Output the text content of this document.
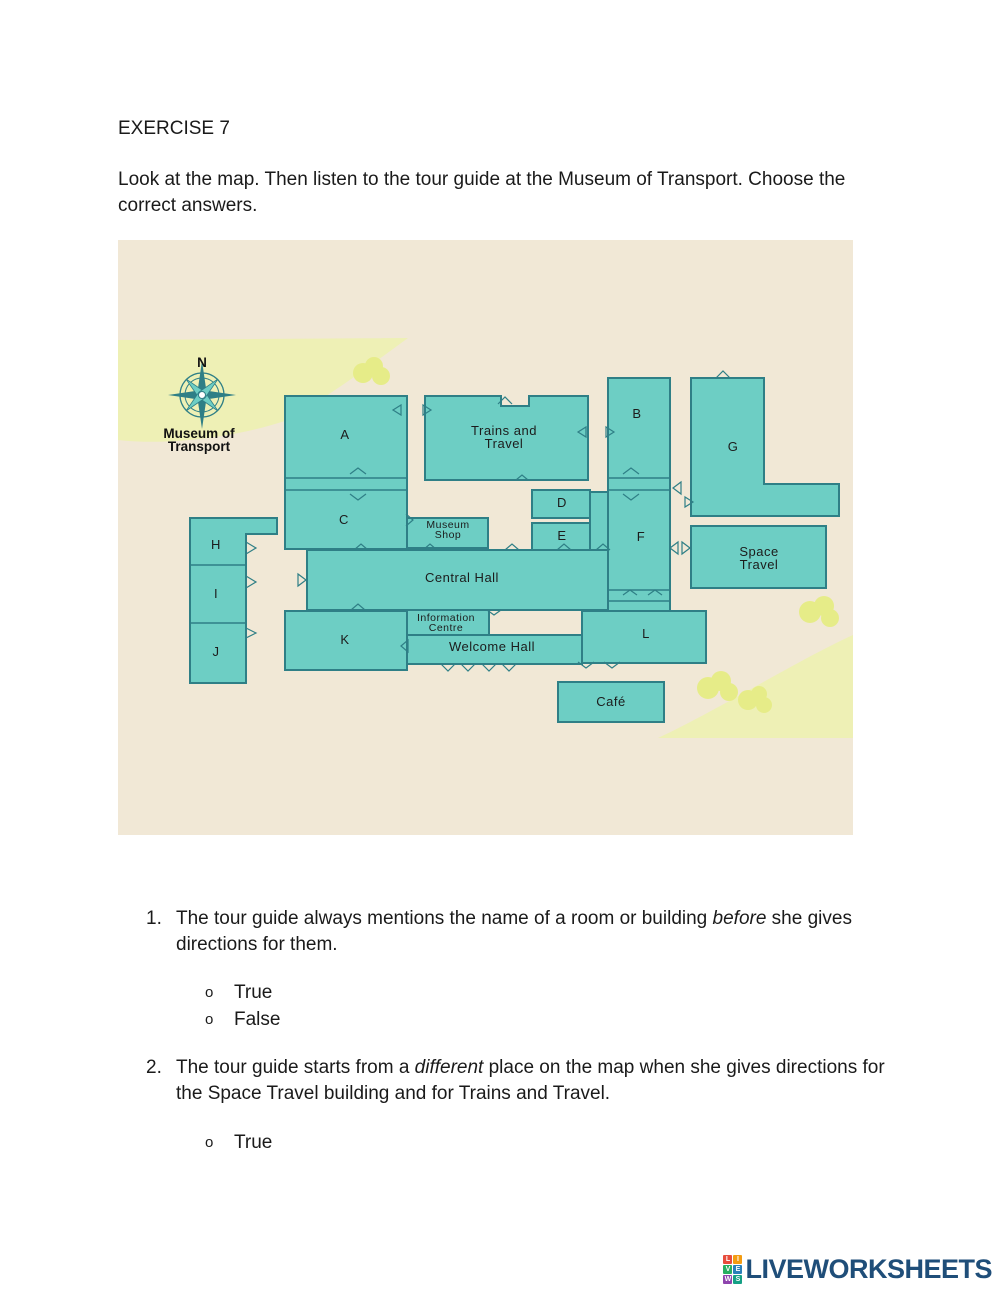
EXERCISE 7
Look at the map. Then listen to the tour guide at the Museum of Transport. Choose the correct answers.
N
Museum of
Transport
A	Trains and
Travel
B
G
C	Museum
Shop
D
E	F
Space
Travel
H
I
J
Central Hall
Information
Centre
K	Welcome Hall
L
Café
1. The tour guide always mentions the name of a room or building before she gives directions for them.
o True
o False
2. The tour guide starts from a different place on the map when she gives directions for the Space Travel building and for Trains and Travel.
o True
L I
V E
W S LIVEWORKSHEETS
